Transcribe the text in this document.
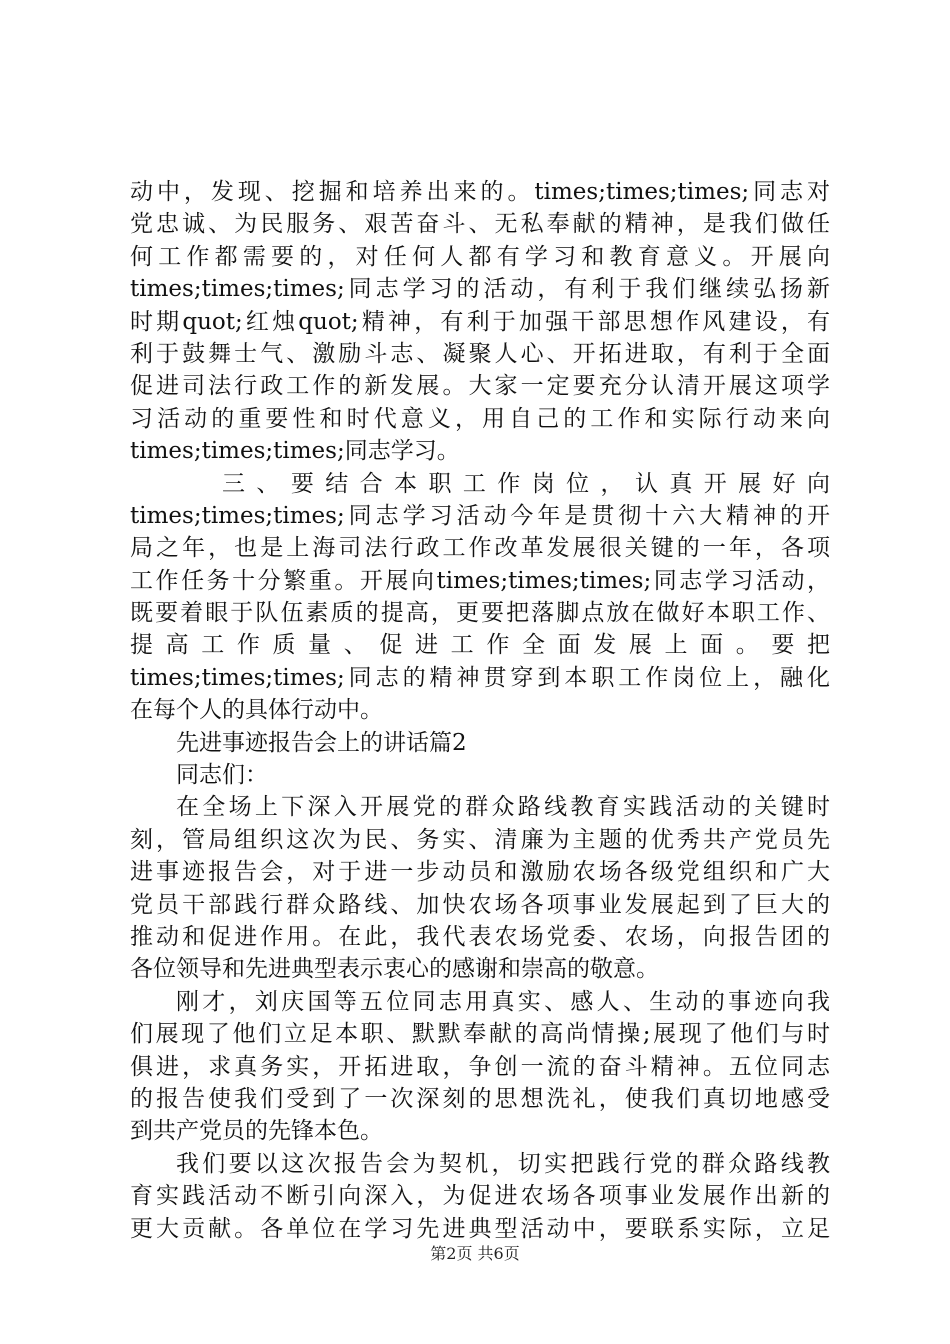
动中，发现、挖掘和培养出来的。times;times;times;同志对
党忠诚、为民服务、艰苦奋斗、无私奉献的精神，是我们做任
何工作都需要的，对任何人都有学习和教育意义。开展向
times;times;times;同志学习的活动，有利于我们继续弘扬新
时期quot;红烛quot;精神，有利于加强干部思想作风建设，有
利于鼓舞士气、激励斗志、凝聚人心、开拓进取，有利于全面
促进司法行政工作的新发展。大家一定要充分认清开展这项学
习活动的重要性和时代意义，用自己的工作和实际行动来向
times;times;times;同志学习。
三、要结合本职工作岗位，认真开展好向
times;times;times;同志学习活动今年是贯彻十六大精神的开
局之年，也是上海司法行政工作改革发展很关键的一年，各项
工作任务十分繁重。开展向times;times;times;同志学习活动，
既要着眼于队伍素质的提高，更要把落脚点放在做好本职工作、
提高工作质量、促进工作全面发展上面。要把
times;times;times;同志的精神贯穿到本职工作岗位上，融化
在每个人的具体行动中。
先进事迹报告会上的讲话篇2
同志们：
在全场上下深入开展党的群众路线教育实践活动的关键时
刻，管局组织这次为民、务实、清廉为主题的优秀共产党员先
进事迹报告会，对于进一步动员和激励农场各级党组织和广大
党员干部践行群众路线、加快农场各项事业发展起到了巨大的
推动和促进作用。在此，我代表农场党委、农场，向报告团的
各位领导和先进典型表示衷心的感谢和崇高的敬意。
刚才，刘庆国等五位同志用真实、感人、生动的事迹向我
们展现了他们立足本职、默默奉献的高尚情操;展现了他们与时
俱进，求真务实，开拓进取，争创一流的奋斗精神。五位同志
的报告使我们受到了一次深刻的思想洗礼，使我们真切地感受
到共产党员的先锋本色。
我们要以这次报告会为契机，切实把践行党的群众路线教
育实践活动不断引向深入，为促进农场各项事业发展作出新的
更大贡献。各单位在学习先进典型活动中，要联系实际，立足
第2页 共6页
